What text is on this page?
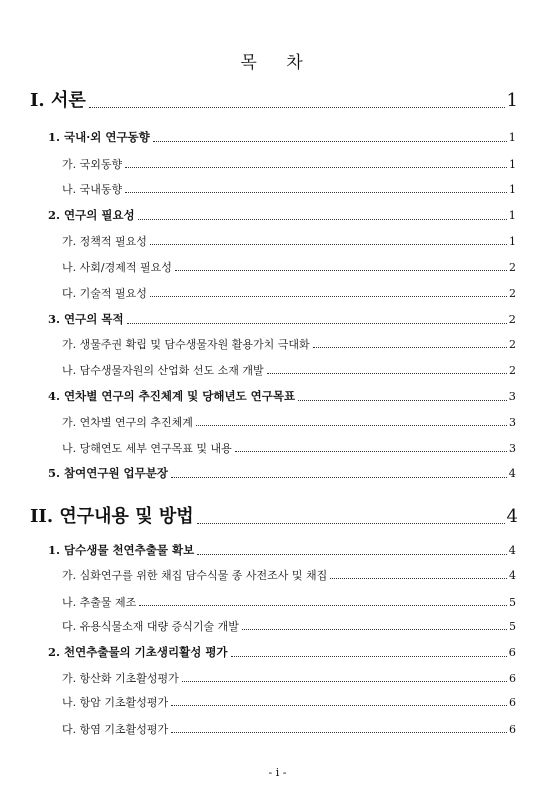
목 차
I. 서론	1
1. 국내·외 연구동향	1
가. 국외동향	1
나. 국내동향	1
2. 연구의 필요성	1
가. 정책적 필요성	1
나. 사회/경제적 필요성	2
다. 기술적 필요성	2
3. 연구의 목적	2
가. 생물주권 확립 및 담수생물자원 활용가치 극대화	2
나. 담수생물자원의 산업화 선도 소재 개발	2
4. 연차별 연구의 추진체계 및 당해년도 연구목표	3
가. 연차별 연구의 추진체계	3
나. 당해연도 세부 연구목표 및 내용	3
5. 참여연구원 업무분장	4
II. 연구내용 및 방법	4
1. 담수생물 천연추출물 확보	4
가. 심화연구를 위한 채집 담수식물 종 사전조사 및 채집	4
나. 추출물 제조	5
다. 유용식물소재 대량 증식기술 개발	5
2. 천연추출물의 기초생리활성 평가	6
가. 항산화 기초활성평가	6
나. 항암 기초활성평가	6
다. 항염 기초활성평가	6
- i -
